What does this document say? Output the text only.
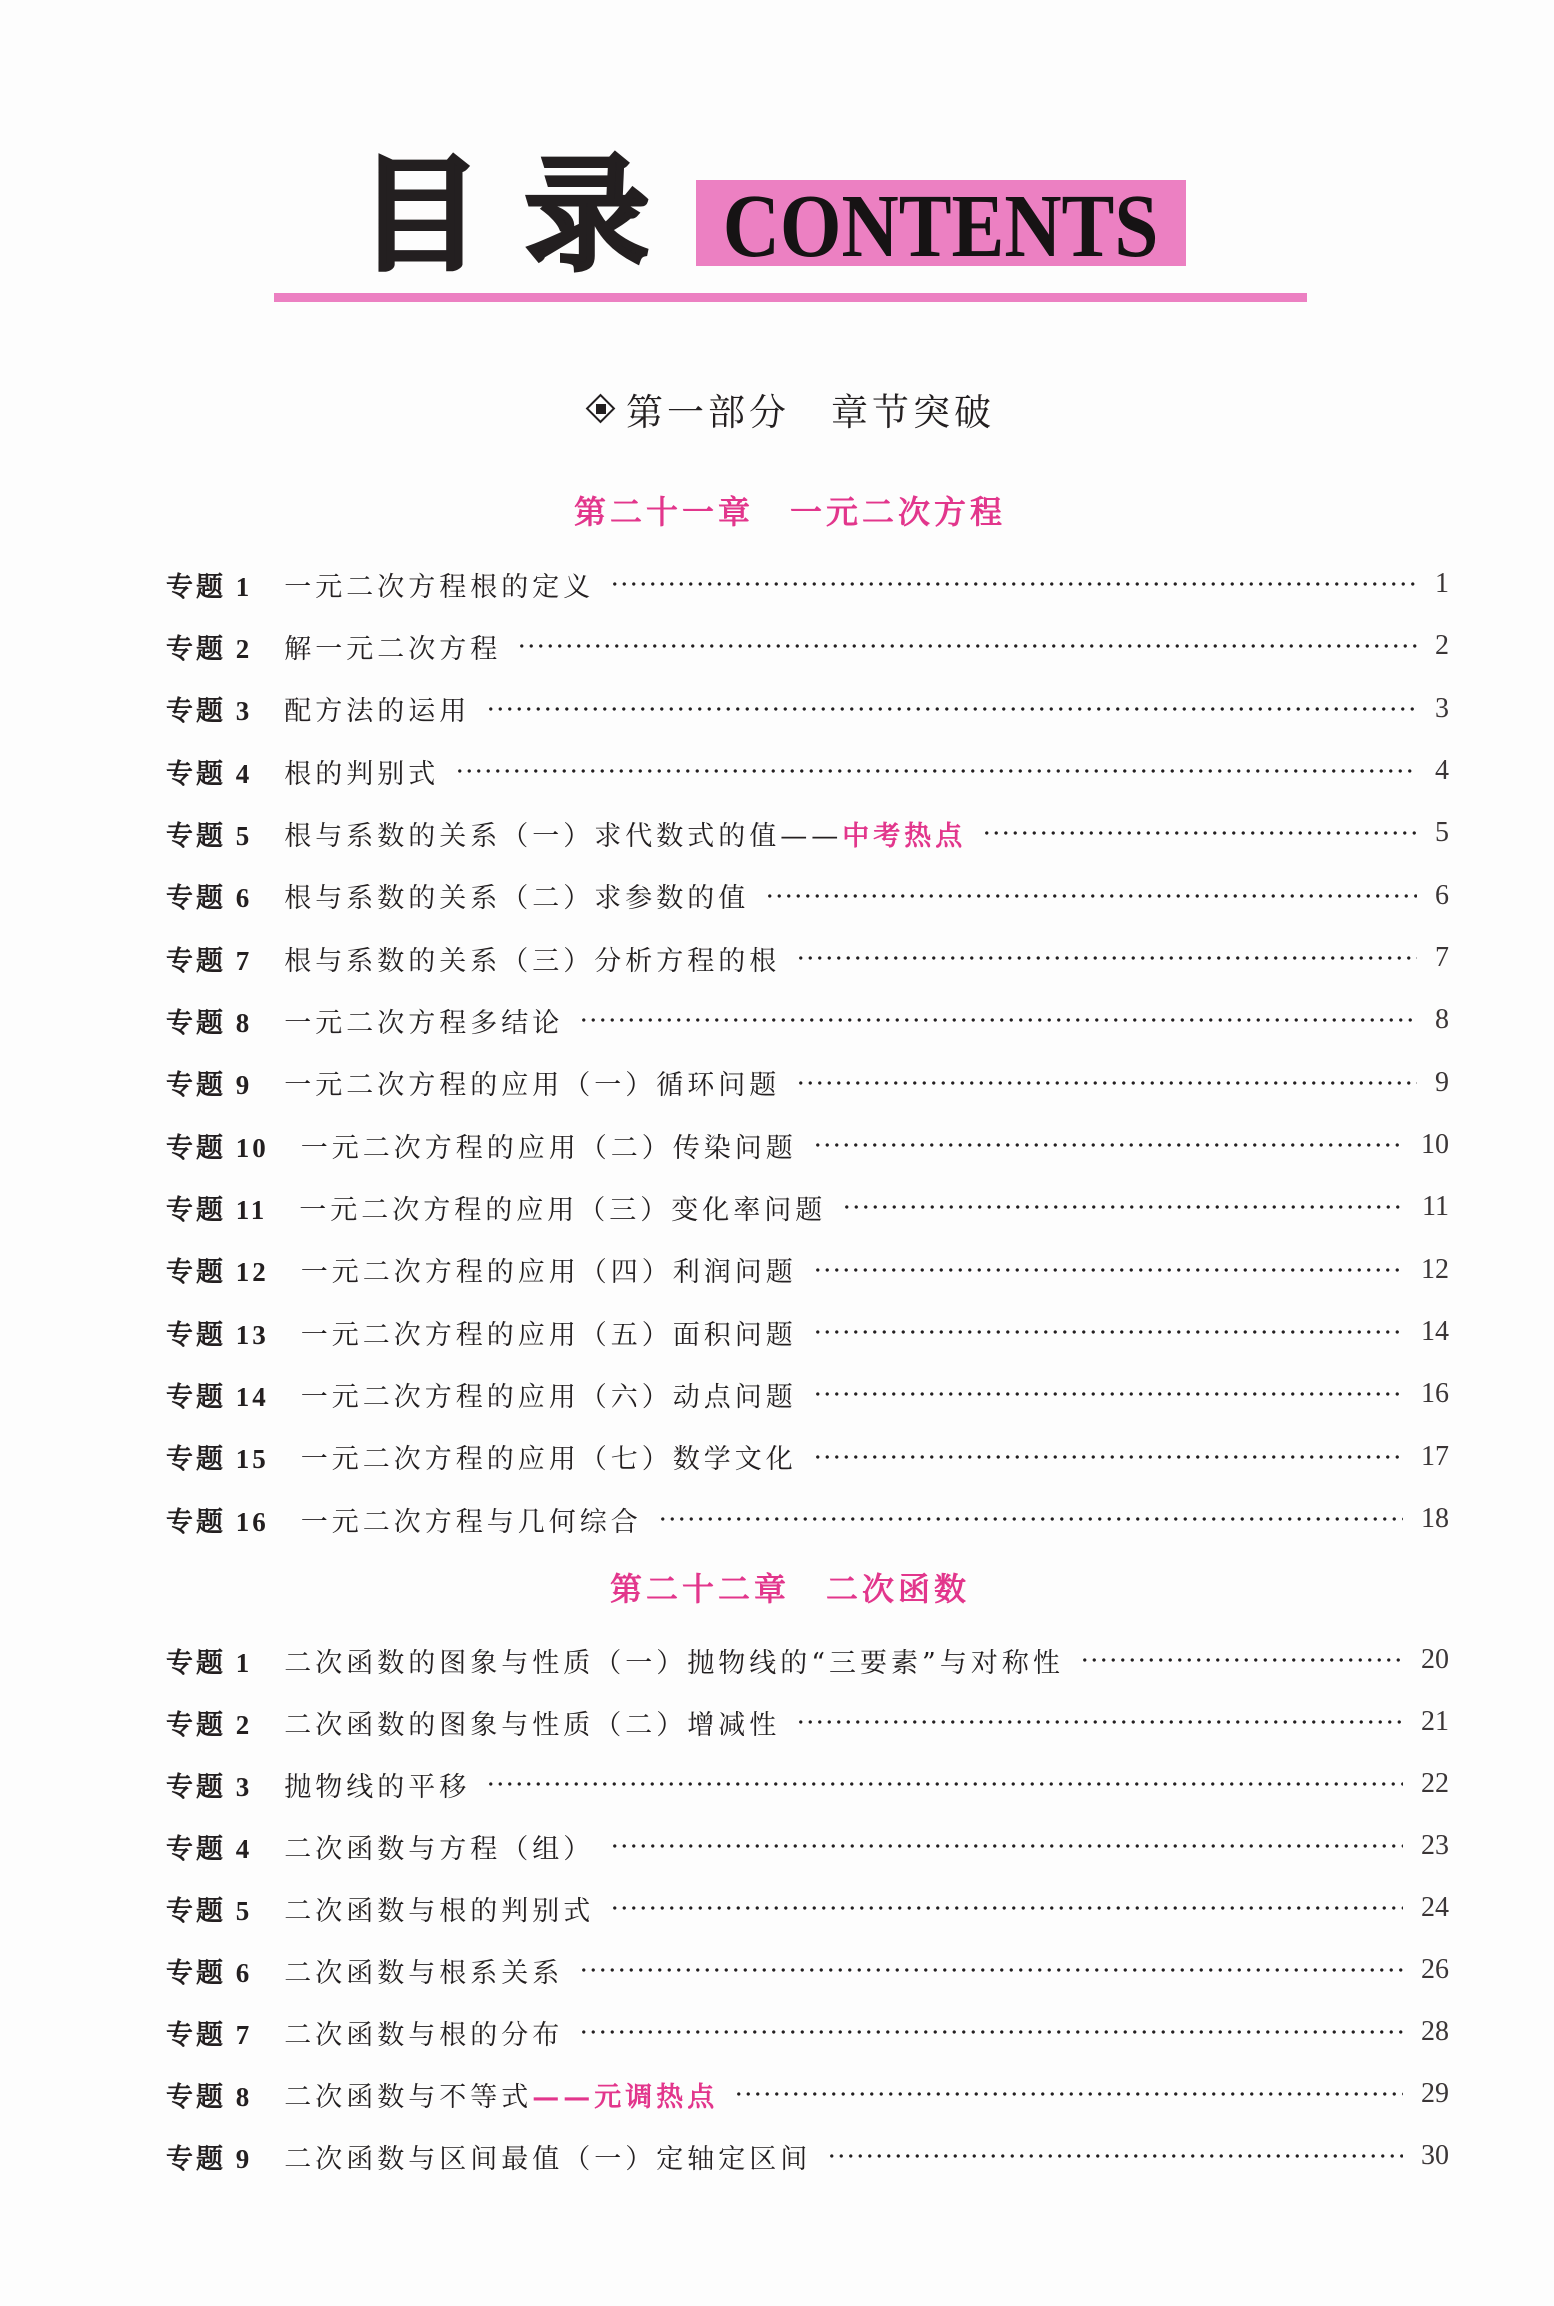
目 录 CONTENTS
第一部分　章节突破
第二十一章　一元二次方程
专题 1 一元二次方程根的定义	1
专题 2 解一元二次方程	2
专题 3 配方法的运用	3
专题 4 根的判别式	4
专题 5 根与系数的关系（一）求代数式的值——中考热点	5
专题 6 根与系数的关系（二）求参数的值	6
专题 7 根与系数的关系（三）分析方程的根	7
专题 8 一元二次方程多结论	8
专题 9 一元二次方程的应用（一）循环问题	9
专题 10 一元二次方程的应用（二）传染问题	10
专题 11 一元二次方程的应用（三）变化率问题	11
专题 12 一元二次方程的应用（四）利润问题	12
专题 13 一元二次方程的应用（五）面积问题	14
专题 14 一元二次方程的应用（六）动点问题	16
专题 15 一元二次方程的应用（七）数学文化	17
专题 16 一元二次方程与几何综合	18
第二十二章　二次函数
专题 1 二次函数的图象与性质（一）抛物线的“三要素”与对称性	20
专题 2 二次函数的图象与性质（二）增减性	21
专题 3 抛物线的平移	22
专题 4 二次函数与方程（组）	23
专题 5 二次函数与根的判别式	24
专题 6 二次函数与根系关系	26
专题 7 二次函数与根的分布	28
专题 8 二次函数与不等式——元调热点	29
专题 9 二次函数与区间最值（一）定轴定区间	30
